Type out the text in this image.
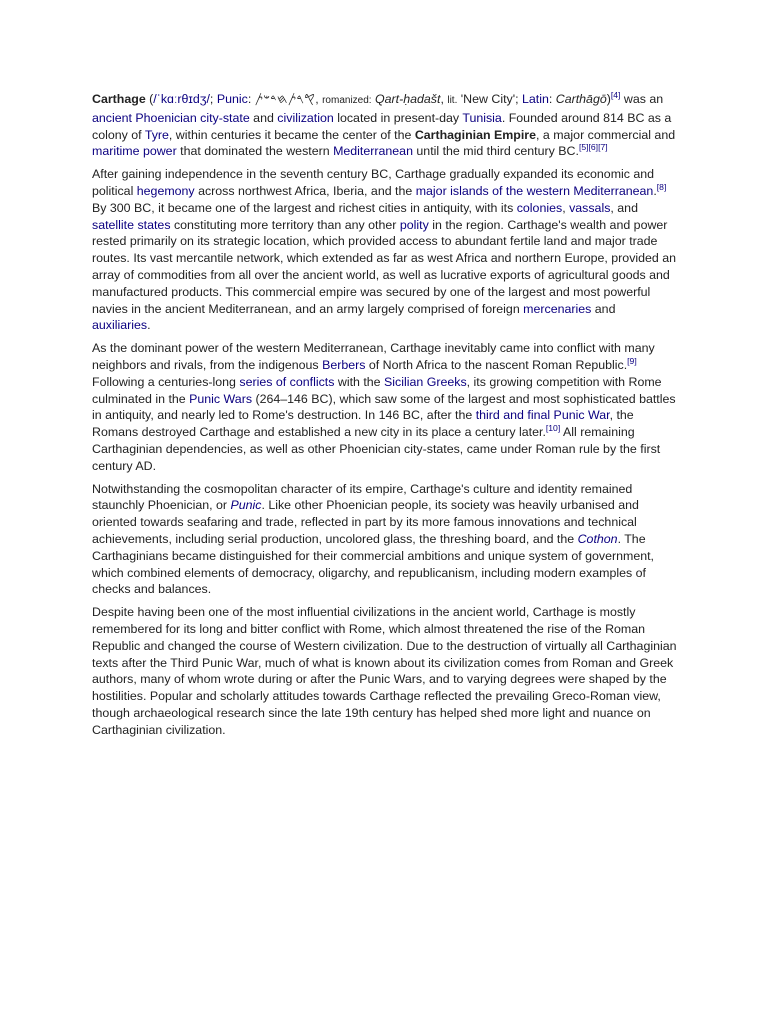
Carthage (/ˈkɑːrθɪdʒ/; Punic: 𐤒𐤓𐤕𐤇𐤃𐤔𐤕, romanized: Qart-ḥadašt, lit. 'New City'; Latin: Carthāgō)[4] was an ancient Phoenician city-state and civilization located in present-day Tunisia. Founded around 814 BC as a colony of Tyre, within centuries it became the center of the Carthaginian Empire, a major commercial and maritime power that dominated the western Mediterranean until the mid third century BC.[5][6][7]

After gaining independence in the seventh century BC, Carthage gradually expanded its economic and political hegemony across northwest Africa, Iberia, and the major islands of the western Mediterranean.[8] By 300 BC, it became one of the largest and richest cities in antiquity, with its colonies, vassals, and satellite states constituting more territory than any other polity in the region. Carthage's wealth and power rested primarily on its strategic location, which provided access to abundant fertile land and major trade routes. Its vast mercantile network, which extended as far as west Africa and northern Europe, provided an array of commodities from all over the ancient world, as well as lucrative exports of agricultural goods and manufactured products. This commercial empire was secured by one of the largest and most powerful navies in the ancient Mediterranean, and an army largely comprised of foreign mercenaries and auxiliaries.

As the dominant power of the western Mediterranean, Carthage inevitably came into conflict with many neighbors and rivals, from the indigenous Berbers of North Africa to the nascent Roman Republic.[9] Following a centuries-long series of conflicts with the Sicilian Greeks, its growing competition with Rome culminated in the Punic Wars (264–146 BC), which saw some of the largest and most sophisticated battles in antiquity, and nearly led to Rome's destruction. In 146 BC, after the third and final Punic War, the Romans destroyed Carthage and established a new city in its place a century later.[10] All remaining Carthaginian dependencies, as well as other Phoenician city-states, came under Roman rule by the first century AD.

Notwithstanding the cosmopolitan character of its empire, Carthage's culture and identity remained staunchly Phoenician, or Punic. Like other Phoenician people, its society was heavily urbanised and oriented towards seafaring and trade, reflected in part by its more famous innovations and technical achievements, including serial production, uncolored glass, the threshing board, and the Cothon. The Carthaginians became distinguished for their commercial ambitions and unique system of government, which combined elements of democracy, oligarchy, and republicanism, including modern examples of checks and balances.

Despite having been one of the most influential civilizations in the ancient world, Carthage is mostly remembered for its long and bitter conflict with Rome, which almost threatened the rise of the Roman Republic and changed the course of Western civilization. Due to the destruction of virtually all Carthaginian texts after the Third Punic War, much of what is known about its civilization comes from Roman and Greek authors, many of whom wrote during or after the Punic Wars, and to varying degrees were shaped by the hostilities. Popular and scholarly attitudes towards Carthage reflected the prevailing Greco-Roman view, though archaeological research since the late 19th century has helped shed more light and nuance on Carthaginian civilization.
